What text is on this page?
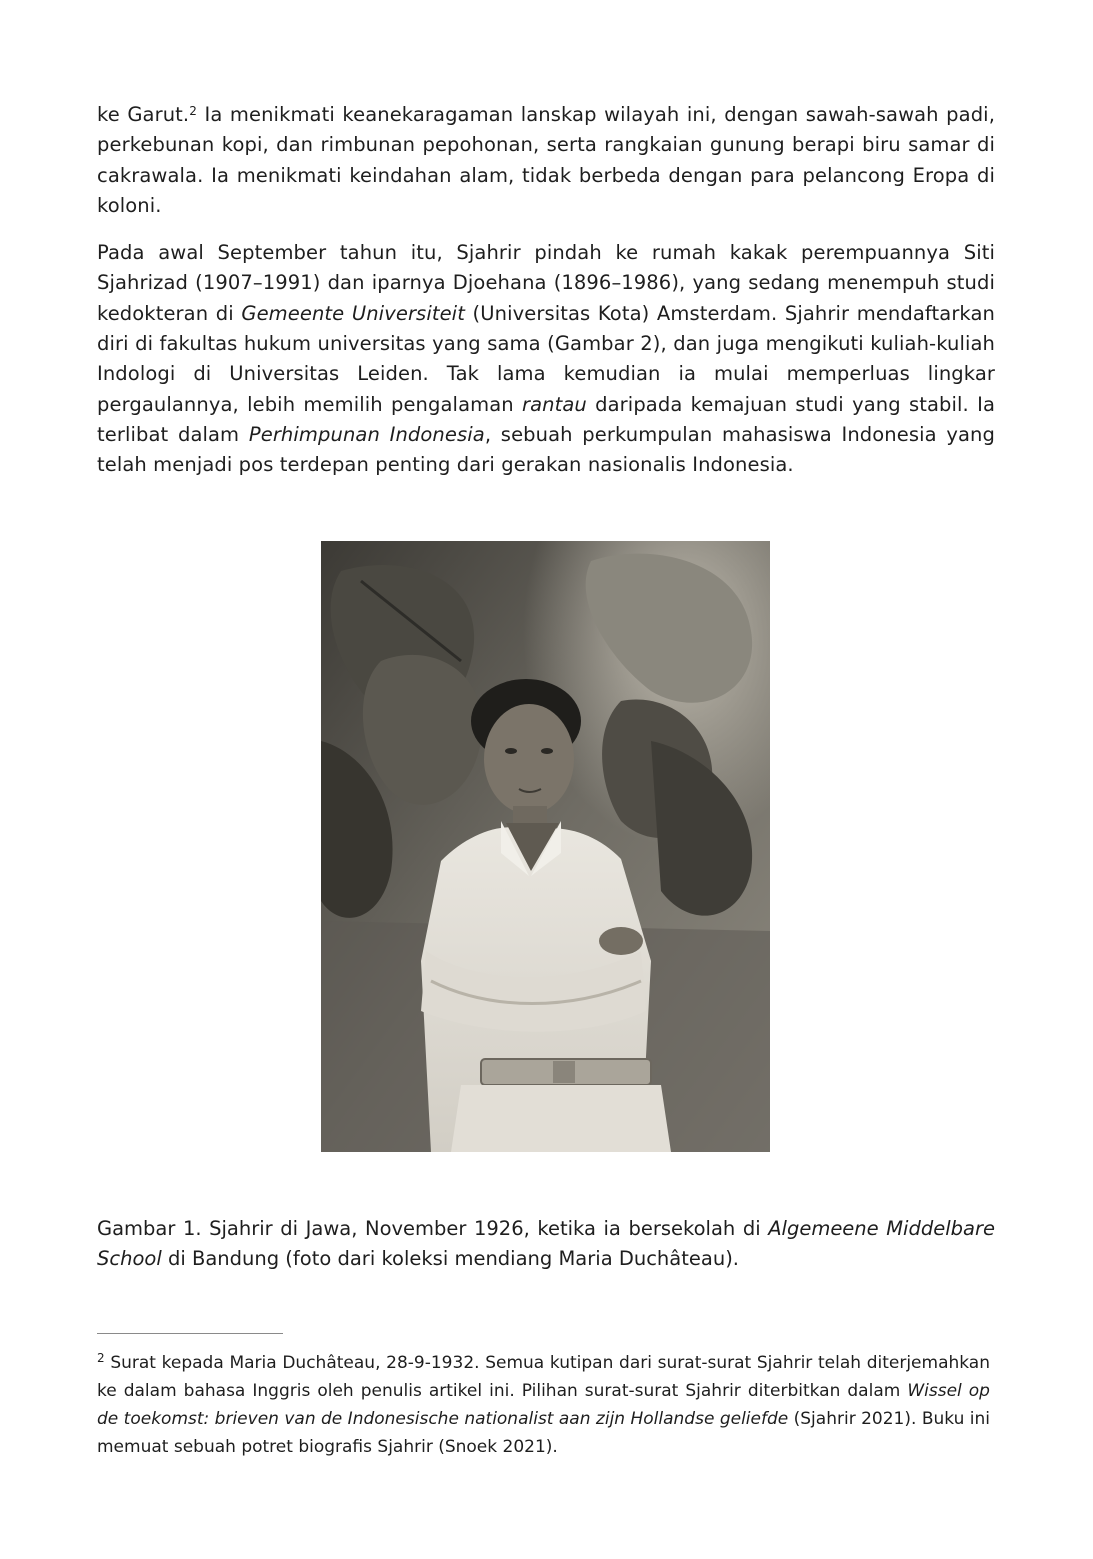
ke Garut.$^2$ Ia menikmati keanekaragaman lanskap wilayah ini, dengan sawah-sawah padi, perkebunan kopi, dan rimbunan pepohonan, serta rangkaian gunung berapi biru samar di cakrawala. Ia menikmati keindahan alam, tidak berbeda dengan para pelancong Eropa di koloni.

Pada awal September tahun itu, Sjahrir pindah ke rumah kakak perempuannya Siti Sjahrizad (1907–1991) dan iparnya Djoehana (1896–1986), yang sedang menempuh studi kedokteran di Gemeente Universiteit (Universitas Kota) Amsterdam. Sjahrir mendaftarkan diri di fakultas hukum universitas yang sama (Gambar 2), dan juga mengikuti kuliah-kuliah Indologi di Universitas Leiden. Tak lama kemudian ia mulai memperluas lingkar pergaulannya, lebih memilih pengalaman rantau daripada kemajuan studi yang stabil. Ia terlibat dalam Perhimpunan Indonesia, sebuah perkumpulan mahasiswa Indonesia yang telah menjadi pos terdepan penting dari gerakan nasionalis Indonesia.

Gambar 1. Sjahrir di Jawa, November 1926, ketika ia bersekolah di Algemeene Middelbare School di Bandung (foto dari koleksi mendiang Maria Duchâteau).

$^2$ Surat kepada Maria Duchâteau, 28-9-1932. Semua kutipan dari surat-surat Sjahrir telah diterjemahkan ke dalam bahasa Inggris oleh penulis artikel ini. Pilihan surat-surat Sjahrir diterbitkan dalam Wissel op de toekomst: brieven van de Indonesische nationalist aan zijn Hollandse geliefde (Sjahrir 2021). Buku ini memuat sebuah potret biografis Sjahrir (Snoek 2021).
